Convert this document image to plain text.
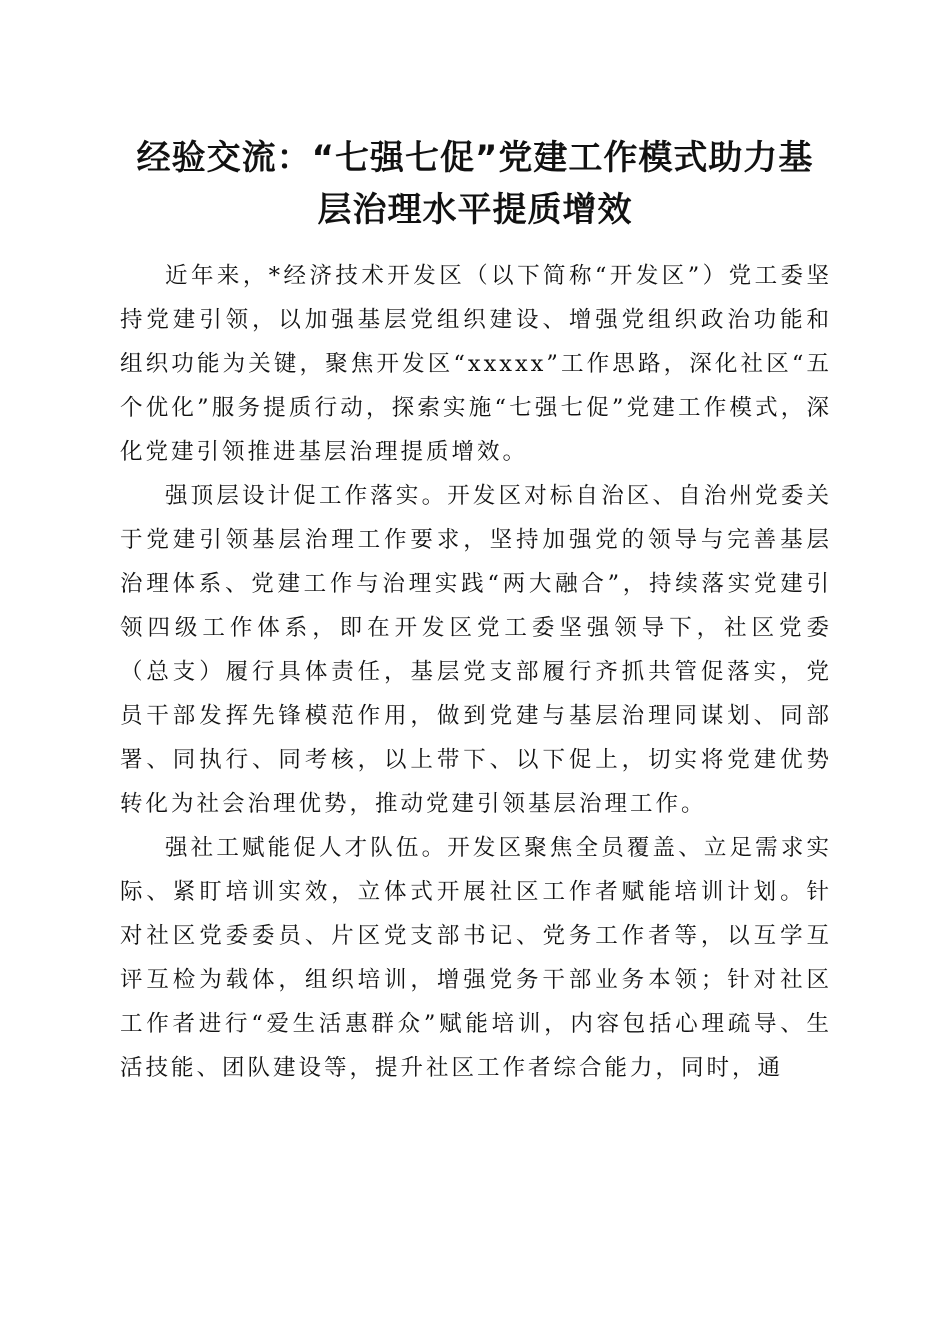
经验交流：“七强七促”党建工作模式助力基
层治理水平提质增效

近年来，*经济技术开发区（以下简称“开发区”）党工委坚持党建引领，以加强基层党组织建设、增强党组织政治功能和组织功能为关键，聚焦开发区“xxxxx”工作思路，深化社区“五个优化”服务提质行动，探索实施“七强七促”党建工作模式，深化党建引领推进基层治理提质增效。

强顶层设计促工作落实。开发区对标自治区、自治州党委关于党建引领基层治理工作要求，坚持加强党的领导与完善基层治理体系、党建工作与治理实践“两大融合”，持续落实党建引领四级工作体系，即在开发区党工委坚强领导下，社区党委（总支）履行具体责任，基层党支部履行齐抓共管促落实，党员干部发挥先锋模范作用，做到党建与基层治理同谋划、同部署、同执行、同考核，以上带下、以下促上，切实将党建优势转化为社会治理优势，推动党建引领基层治理工作。

强社工赋能促人才队伍。开发区聚焦全员覆盖、立足需求实际、紧盯培训实效，立体式开展社区工作者赋能培训计划。针对社区党委委员、片区党支部书记、党务工作者等，以互学互评互检为载体，组织培训，增强党务干部业务本领；针对社区工作者进行“爱生活惠群众”赋能培训，内容包括心理疏导、生活技能、团队建设等，提升社区工作者综合能力，同时，通
